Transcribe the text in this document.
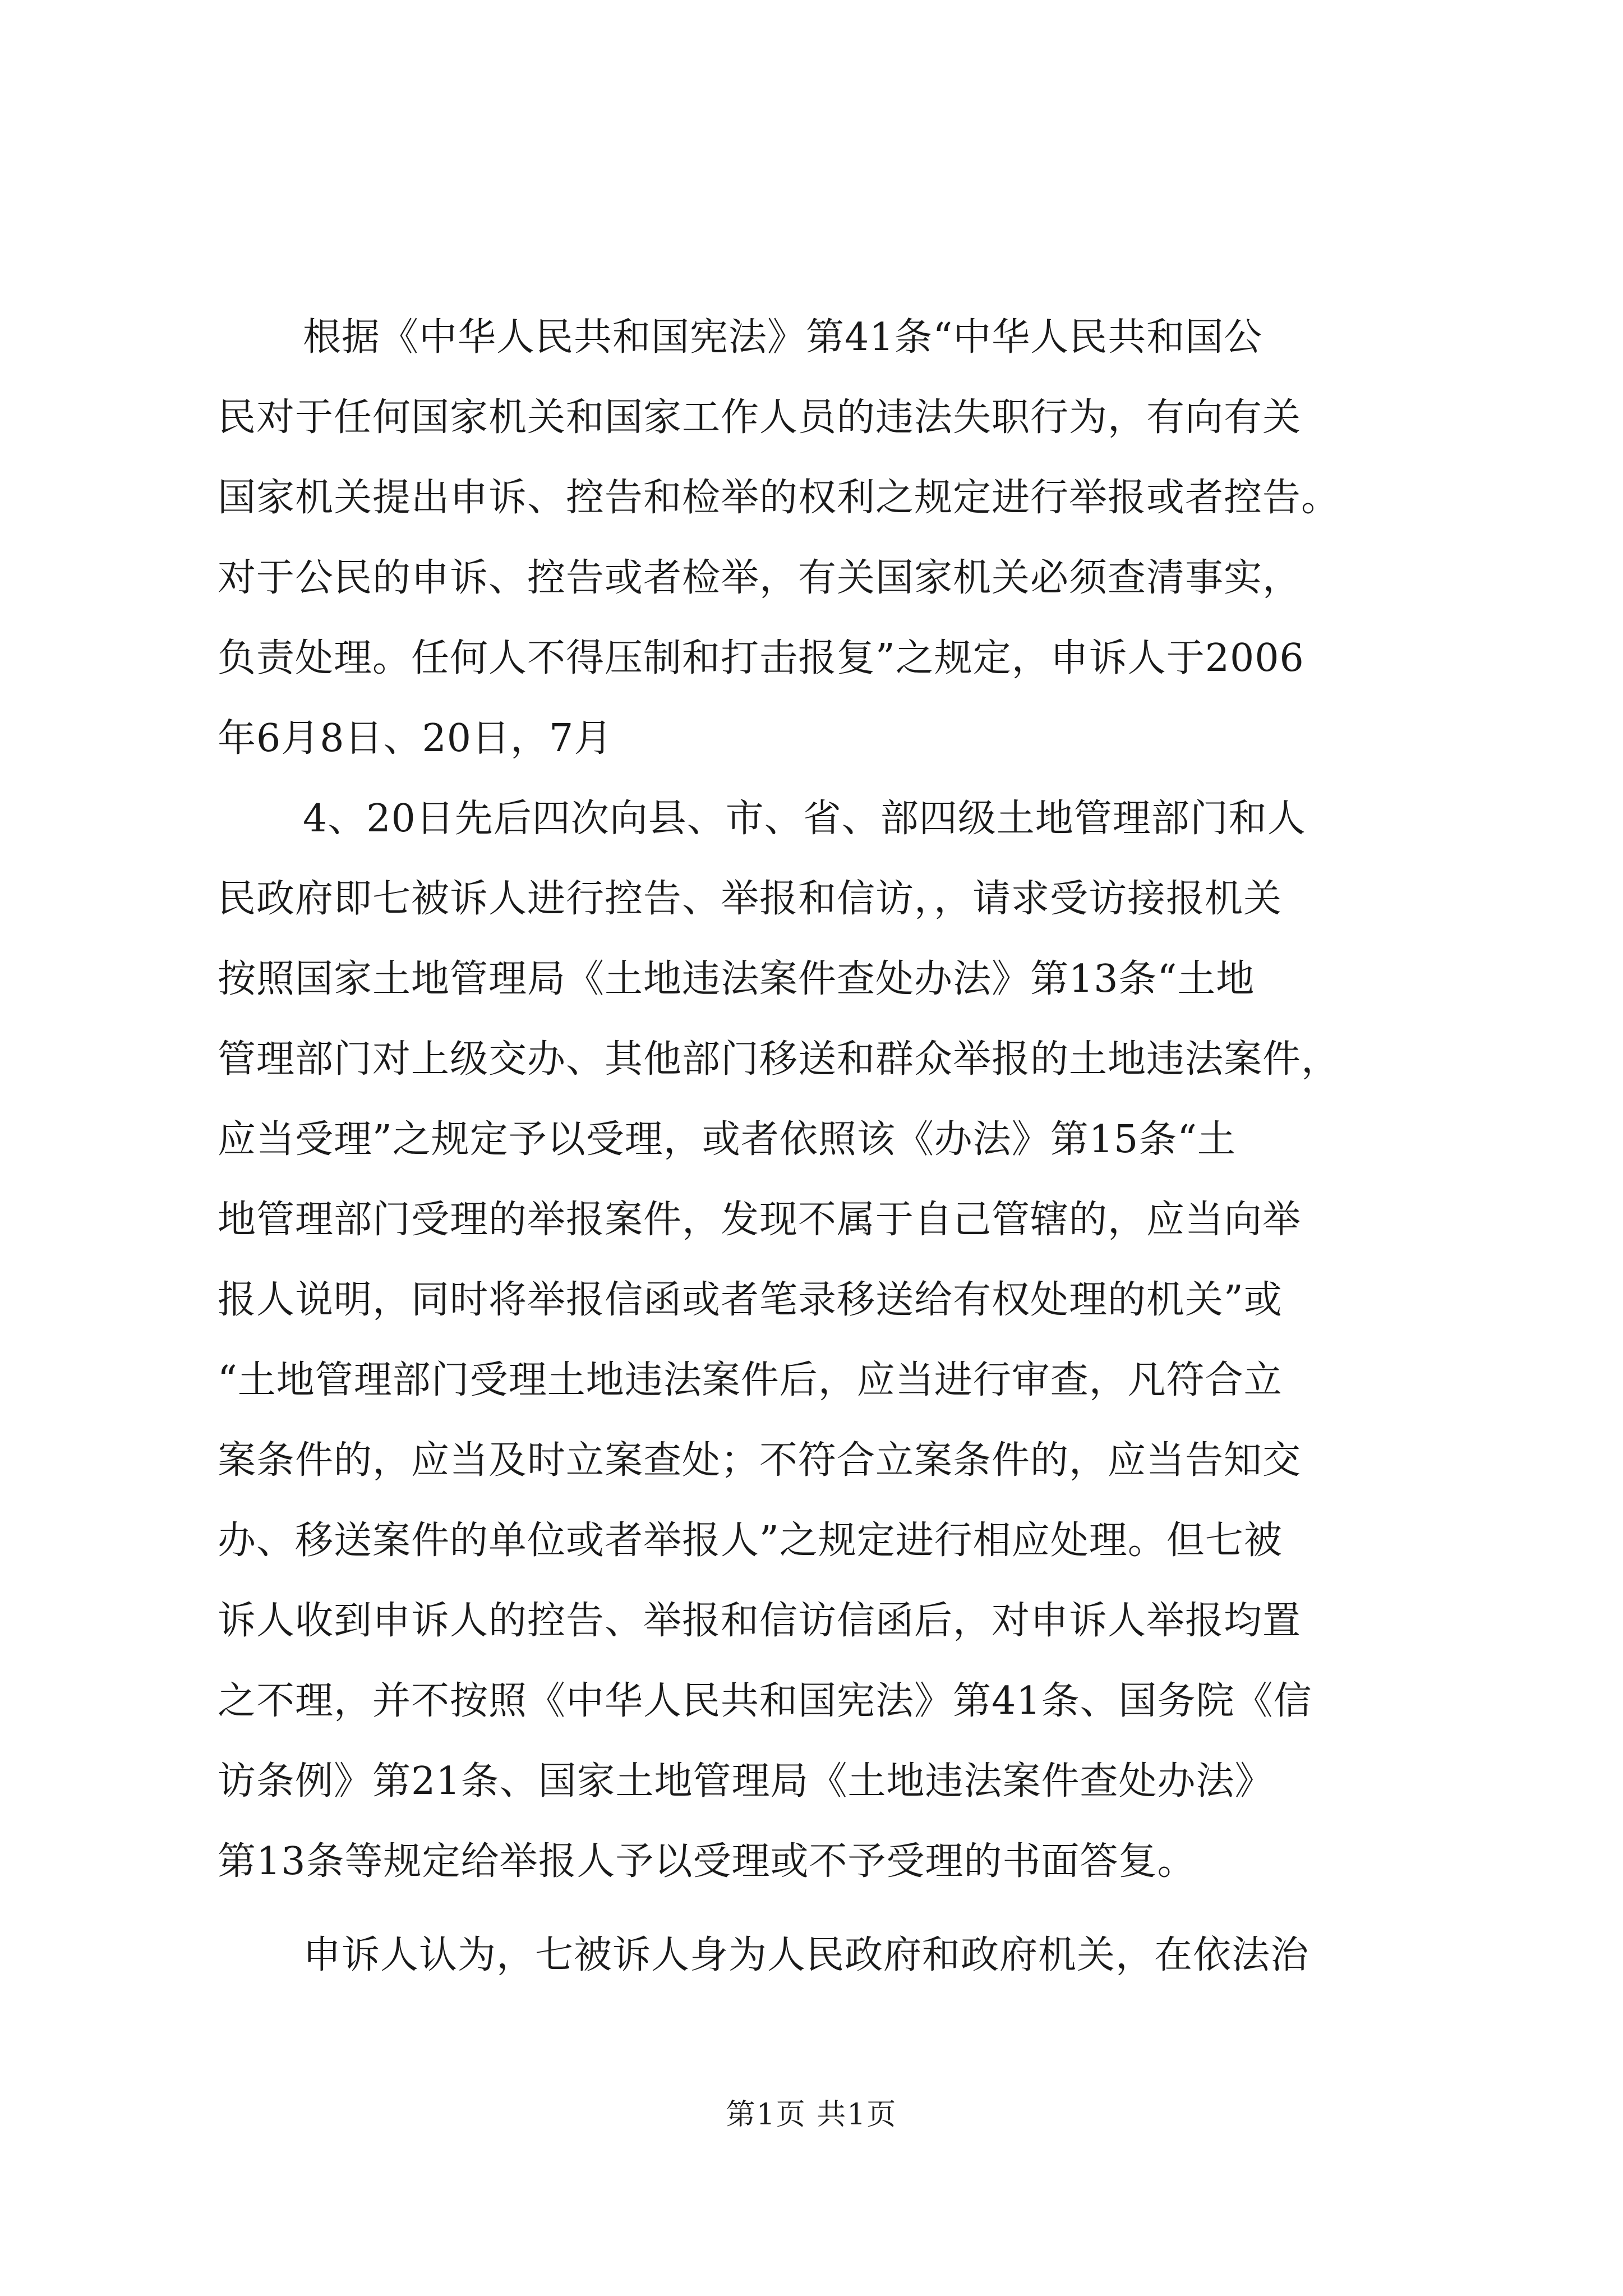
根据《中华人民共和国宪法》第41条“中华人民共和国公
民对于任何国家机关和国家工作人员的违法失职行为，有向有关
国家机关提出申诉、控告和检举的权利之规定进行举报或者控告。
对于公民的申诉、控告或者检举，有关国家机关必须查清事实，
负责处理。任何人不得压制和打击报复”之规定，申诉人于2006
年6月8日、20日，7月
4、20日先后四次向县、市、省、部四级土地管理部门和人
民政府即七被诉人进行控告、举报和信访，，请求受访接报机关
按照国家土地管理局《土地违法案件查处办法》第13条“土地
管理部门对上级交办、其他部门移送和群众举报的土地违法案件，
应当受理”之规定予以受理，或者依照该《办法》第15条“土
地管理部门受理的举报案件，发现不属于自己管辖的，应当向举
报人说明，同时将举报信函或者笔录移送给有权处理的机关”或
“土地管理部门受理土地违法案件后，应当进行审查，凡符合立
案条件的，应当及时立案查处；不符合立案条件的，应当告知交
办、移送案件的单位或者举报人”之规定进行相应处理。但七被
诉人收到申诉人的控告、举报和信访信函后，对申诉人举报均置
之不理，并不按照《中华人民共和国宪法》第41条、国务院《信
访条例》第21条、国家土地管理局《土地违法案件查处办法》
第13条等规定给举报人予以受理或不予受理的书面答复。
申诉人认为，七被诉人身为人民政府和政府机关，在依法治
第1页 共1页
